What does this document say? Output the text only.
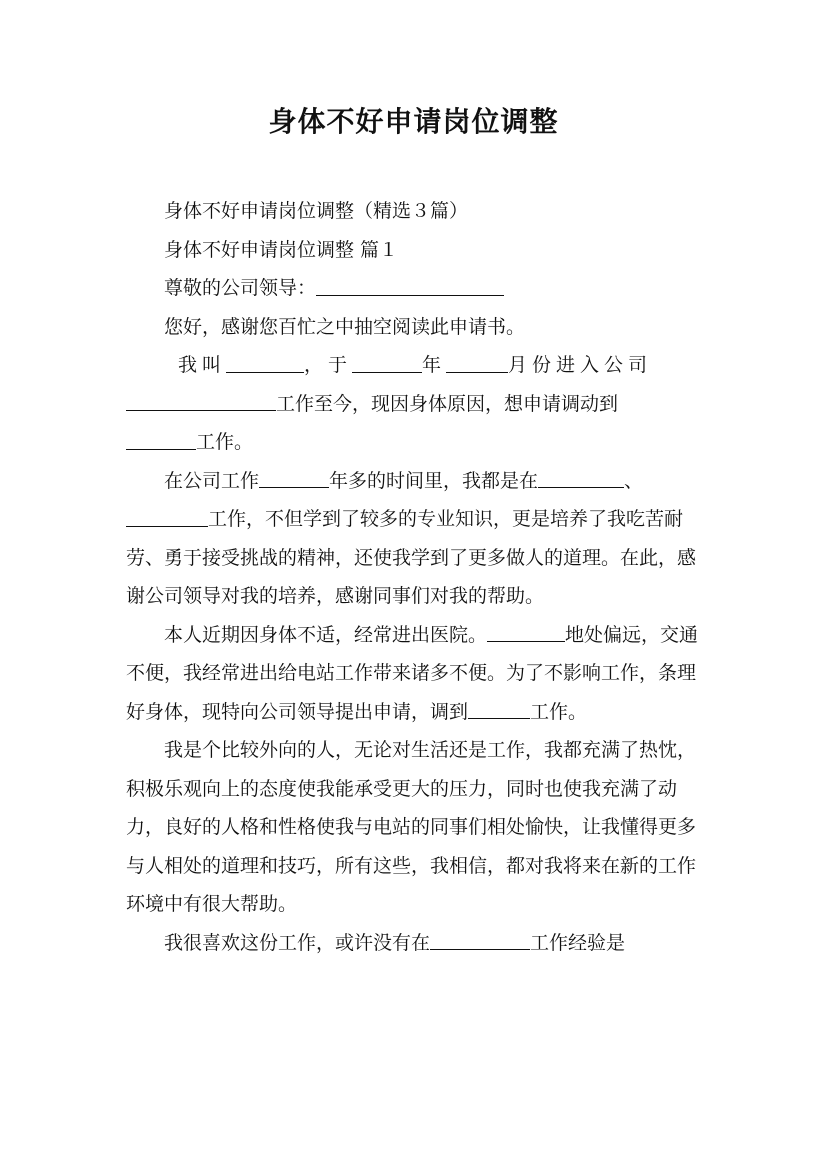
身体不好申请岗位调整

身体不好申请岗位调整（精选３篇）

身体不好申请岗位调整 篇１

尊敬的公司领导：

您好，感谢您百忙之中抽空阅读此申请书。

我叫	，于	年	月份进入公司
工作至今，现因身体原因，想申请调动到
工作。

在公司工作	年多的时间里，我都是在	、工作，不但学到了较多的专业知识，更是培养了我吃苦耐劳、勇于接受挑战的精神，还使我学到了更多做人的道理。在此，感谢公司领导对我的培养，感谢同事们对我的帮助。

本人近期因身体不适，经常进出医院。	地处偏远，交通不便，我经常进出给电站工作带来诸多不便。为了不影响工作，条理好身体，现特向公司领导提出申请，调到	工作。

我是个比较外向的人，无论对生活还是工作，我都充满了热忱，积极乐观向上的态度使我能承受更大的压力，同时也使我充满了动力，良好的人格和性格使我与电站的同事们相处愉快，让我懂得更多与人相处的道理和技巧，所有这些，我相信，都对我将来在新的工作环境中有很大帮助。

我很喜欢这份工作，或许没有在	工作经验是
